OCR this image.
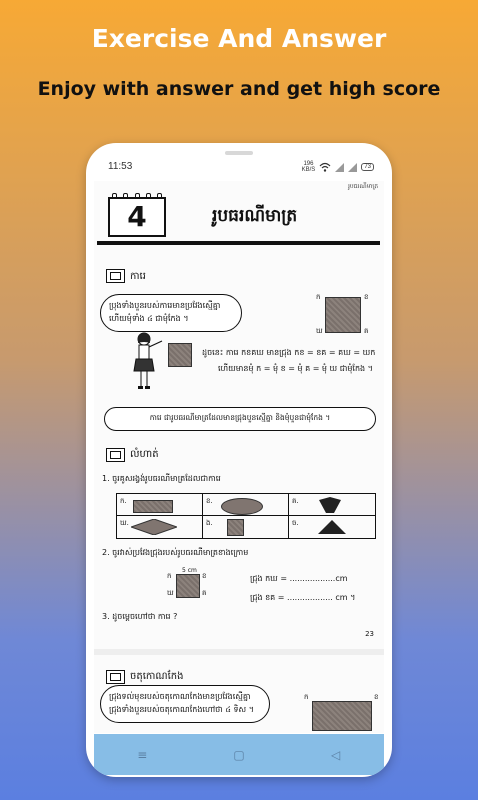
Exercise And Answer
Enjoy with answer and get high score
11:53	196
KB/S	73
រូបធរណីមាត្រ
4	រូបធរណីមាត្រ
ការេ
ប្រុងទាំងបួនរបស់ការេមានប្រវែងស្មើគ្នា
ហើយមុំទាំង ៤ ជាមុំកែង ។
ក	ខ
គ
ឃ
ដូចនេះ ការេ កខគឃ មានជ្រុង កខ = ខគ = គឃ = ឃក
ហើយមានមុំ ក = មុំ ខ = មុំ គ = មុំ ឃ ជាមុំកែង ។
ការេ ជារូបធរណីមាត្រដែលមានជ្រុងបួនស្មើគ្នា និងមុំបួនជាមុំកែង ។
លំហាត់
1. ចូរគូសរង្វង់រូបធរណីមាត្រដែលជាការេ
ក.	ខ.	គ.
ឃ.	ង.	ច.
2. ចូរវាស់ប្រវែងជ្រុងរបស់រូបធរណីមាត្រខាងក្រោម
5 cm
ក	ខ
គ
ឃ
ជ្រុង កឃ = ..................cm
ជ្រុង ខគ = .................. cm ។
3. ដូចម្ដេចហៅថា ការេ ?
23
ចតុកោណកែង
ជ្រុងទល់មុខរបស់ចតុកោណកែងមានប្រវែងស្មើគ្នា
ជ្រុងទាំងបួនរបស់ចតុកោណកែងហៅថា ៤ ទិស ។
ក	ខ
≡	▢	◁
